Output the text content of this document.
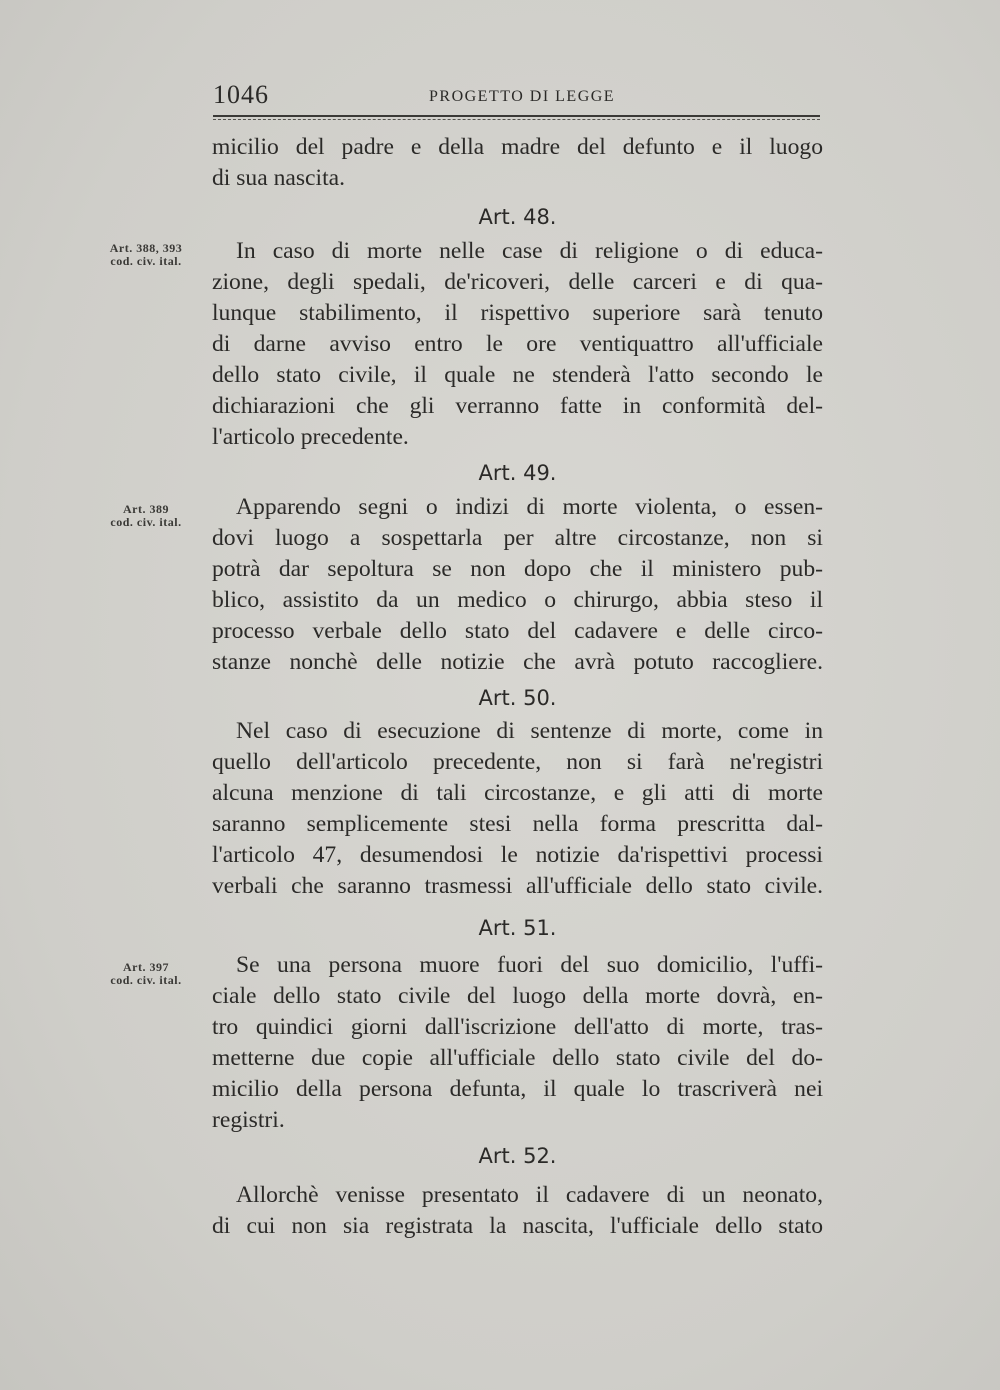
1046	PROGETTO DI LEGGE
micilio del padre e della madre del defunto e il luogo
di sua nascita.
Art. 48.
Art. 388, 393
cod. civ. ital.	In caso di morte nelle case di religione o di educa-
zione, degli spedali, de'ricoveri, delle carceri e di qua-
lunque stabilimento, il rispettivo superiore sarà tenuto
di darne avviso entro le ore ventiquattro all'ufficiale
dello stato civile, il quale ne stenderà l'atto secondo le
dichiarazioni che gli verranno fatte in conformità del-
l'articolo precedente.
Art. 49.
Art. 389
cod. civ. ital.
Apparendo segni o indizi di morte violenta, o essen-
dovi luogo a sospettarla per altre circostanze, non si
potrà dar sepoltura se non dopo che il ministero pub-
blico, assistito da un medico o chirurgo, abbia steso il
processo verbale dello stato del cadavere e delle circo-
stanze nonchè delle notizie che avrà potuto raccogliere.
Art. 50.
Nel caso di esecuzione di sentenze di morte, come in
quello dell'articolo precedente, non si farà ne'registri
alcuna menzione di tali circostanze, e gli atti di morte
saranno semplicemente stesi nella forma prescritta dal-
l'articolo 47, desumendosi le notizie da'rispettivi processi
verbali che saranno trasmessi all'ufficiale dello stato civile.
Art. 51.
Art. 397
cod. civ. ital.
Se una persona muore fuori del suo domicilio, l'uffi-
ciale dello stato civile del luogo della morte dovrà, en-
tro quindici giorni dall'iscrizione dell'atto di morte, tras-
metterne due copie all'ufficiale dello stato civile del do-
micilio della persona defunta, il quale lo trascriverà nei
registri.
Art. 52.
Allorchè venisse presentato il cadavere di un neonato,
di cui non sia registrata la nascita, l'ufficiale dello stato
